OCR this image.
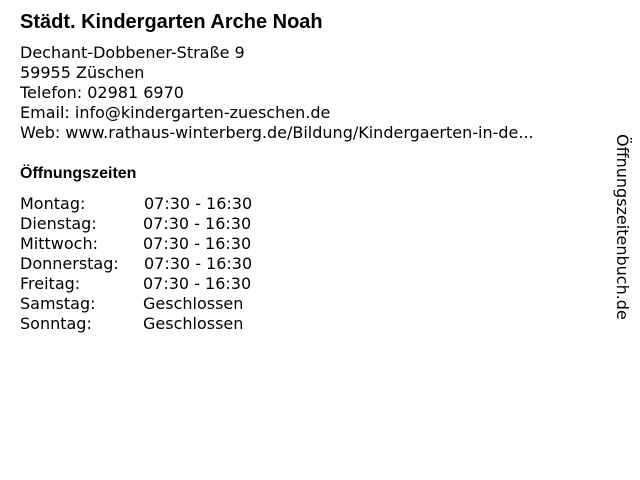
Städt. Kindergarten Arche Noah
Dechant-Dobbener-Straße 9
59955 Züschen
Telefon: 02981 6970
Email: info@kindergarten-zueschen.de
Web: www.rathaus-winterberg.de/Bildung/Kindergaerten-in-de...
Öffnungszeiten
Montag:	07:30 - 16:30
Dienstag:	07:30 - 16:30
Mittwoch:	07:30 - 16:30
Donnerstag: 07:30 - 16:30
Freitag:	07:30 - 16:30
Samstag:	Geschlossen
Sonntag:	Geschlossen
Öffnungszeitenbuch.de
